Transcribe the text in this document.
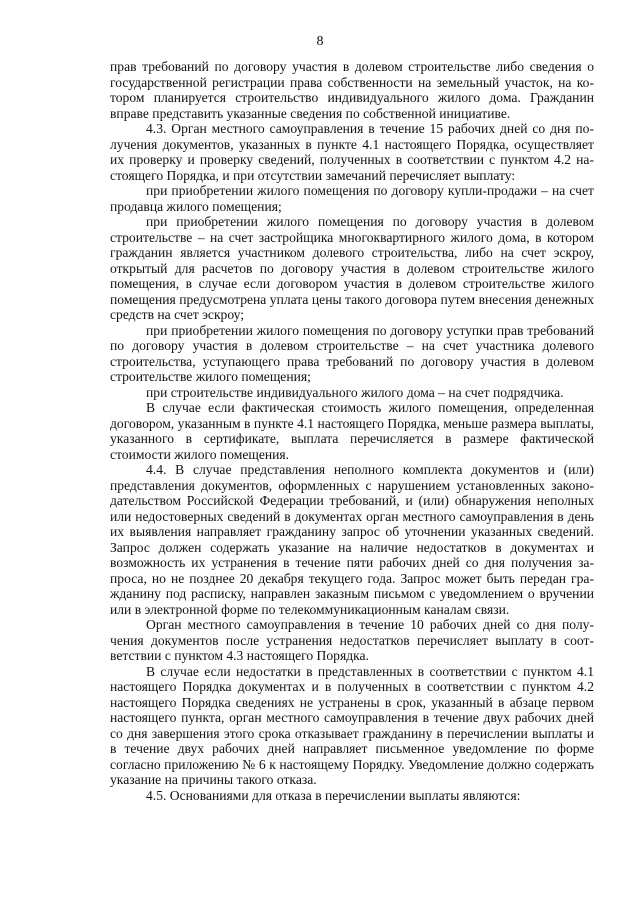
8

прав требований по договору участия в долевом строительстве либо сведения о государственной регистрации права собственности на земельный участок, на котором планируется строительство индивидуального жилого дома. Гражданин вправе представить указанные сведения по собственной инициативе.

4.3. Орган местного самоуправления в течение 15 рабочих дней со дня получения документов, указанных в пункте 4.1 настоящего Порядка, осуществляет их проверку и проверку сведений, полученных в соответствии с пунктом 4.2 настоящего Порядка, и при отсутствии замечаний перечисляет выплату:

при приобретении жилого помещения по договору купли-продажи – на счет продавца жилого помещения;

при приобретении жилого помещения по договору участия в долевом строительстве – на счет застройщика многоквартирного жилого дома, в котором гражданин является участником долевого строительства, либо на счет эскроу, открытый для расчетов по договору участия в долевом строительстве жилого помещения, в случае если договором участия в долевом строительстве жилого помещения предусмотрена уплата цены такого договора путем внесения денежных средств на счет эскроу;

при приобретении жилого помещения по договору уступки прав требований по договору участия в долевом строительстве – на счет участника долевого строительства, уступающего права требований по договору участия в долевом строительстве жилого помещения;

при строительстве индивидуального жилого дома – на счет подрядчика.

В случае если фактическая стоимость жилого помещения, определенная договором, указанным в пункте 4.1 настоящего Порядка, меньше размера выплаты, указанного в сертификате, выплата перечисляется в размере фактической стоимости жилого помещения.

4.4. В случае представления неполного комплекта документов и (или) представления документов, оформленных с нарушением установленных законодательством Российской Федерации требований, и (или) обнаружения неполных или недостоверных сведений в документах орган местного самоуправления в день их выявления направляет гражданину запрос об уточнении указанных сведений. Запрос должен содержать указание на наличие недостатков в документах и возможность их устранения в течение пяти рабочих дней со дня получения запроса, но не позднее 20 декабря текущего года. Запрос может быть передан гражданину под расписку, направлен заказным письмом с уведомлением о вручении или в электронной форме по телекоммуникационным каналам связи.

Орган местного самоуправления в течение 10 рабочих дней со дня получения документов после устранения недостатков перечисляет выплату в соответствии с пунктом 4.3 настоящего Порядка.

В случае если недостатки в представленных в соответствии с пунктом 4.1 настоящего Порядка документах и в полученных в соответствии с пунктом 4.2 настоящего Порядка сведениях не устранены в срок, указанный в абзаце первом настоящего пункта, орган местного самоуправления в течение двух рабочих дней со дня завершения этого срока отказывает гражданину в перечислении выплаты и в течение двух рабочих дней направляет письменное уведомление по форме согласно приложению № 6 к настоящему Порядку. Уведомление должно содержать указание на причины такого отказа.

4.5. Основаниями для отказа в перечислении выплаты являются:
